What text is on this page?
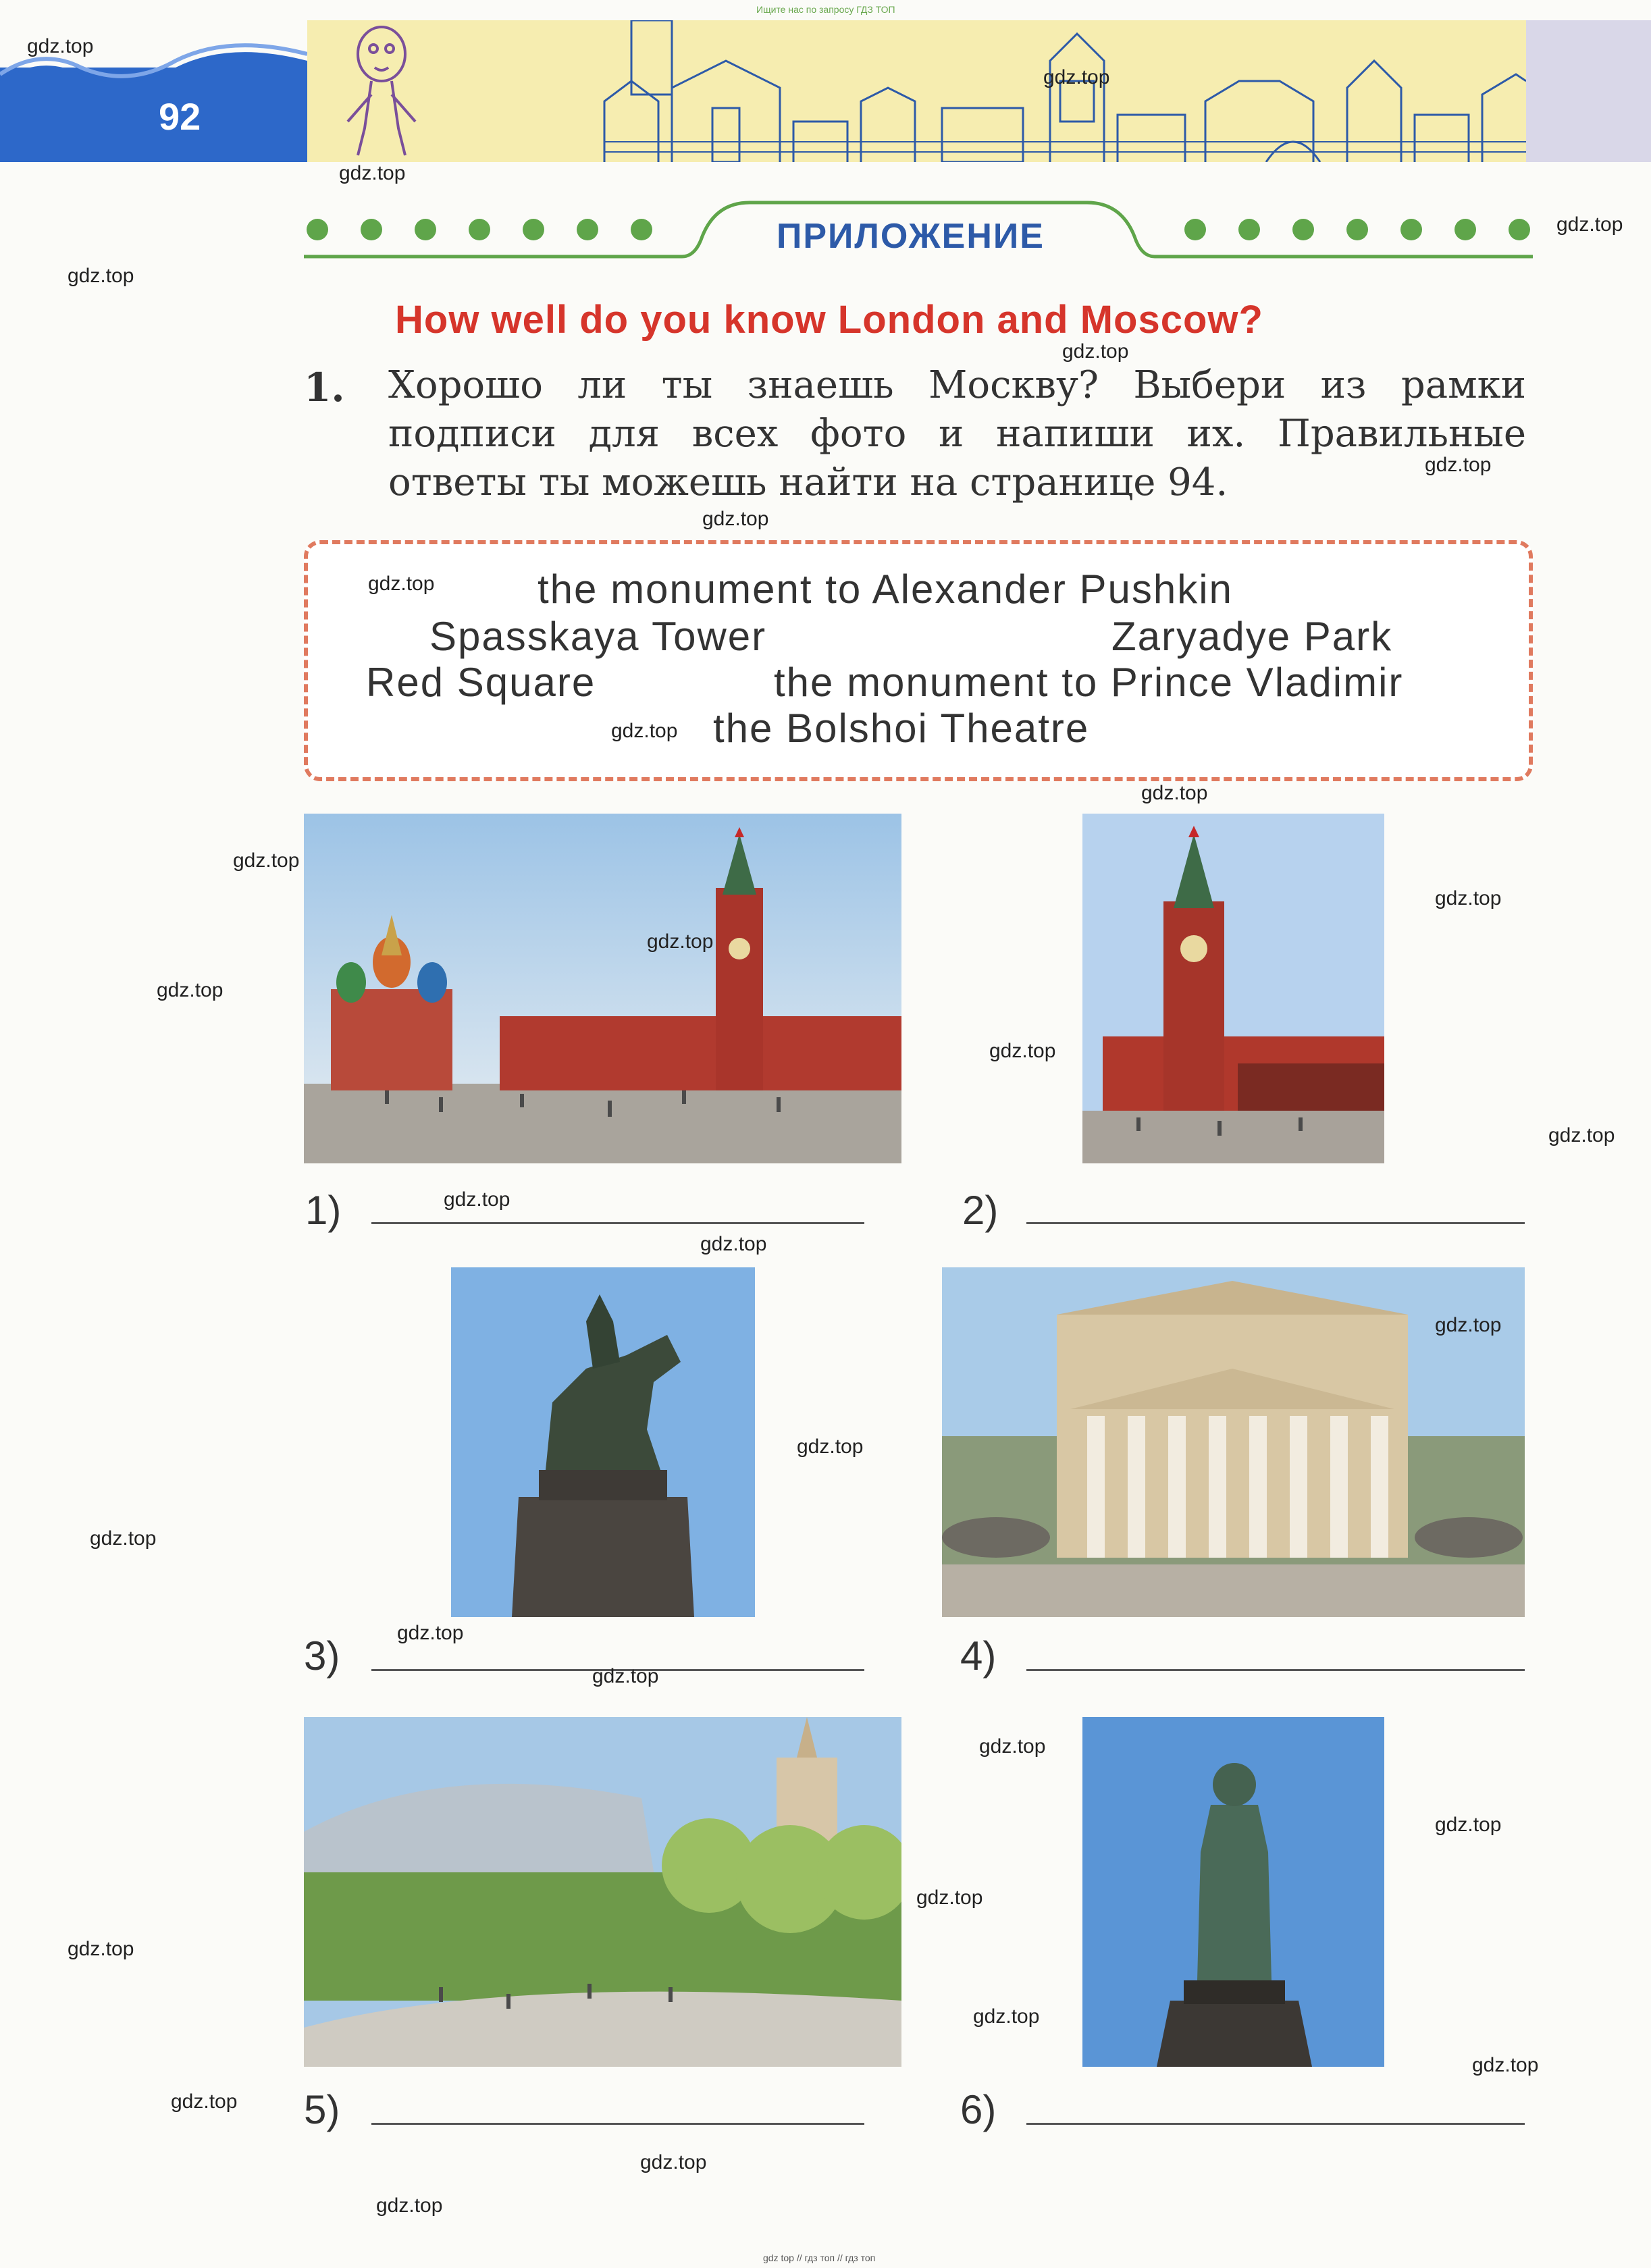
Ищите нас по запросу ГДЗ ТОП
92
ПРИЛОЖЕНИЕ
How well do you know London and Moscow?
1. Хорошо ли ты знаешь Москву? Выбери из рамки подписи для всех фото и напиши их. Правильные ответы ты можешь найти на странице 94.
the monument to Alexander Pushkin
Spasskaya Tower	Zaryadye Park
Red Square	the monument to Prince Vladimir
the Bolshoi Theatre
1)	2)
3)	4)
5)	6)
gdz.top
gdz.top
gdz.top
gdz.top
gdz.top
gdz.top
gdz.top
gdz.top
gdz.top
gdz.top
gdz.top
gdz.top
gdz.top
gdz.top
gdz.top
gdz.top
gdz.top
gdz.top
gdz.top
gdz.top
gdz.top
gdz.top
gdz.top
gdz.top
gdz.top
gdz.top
gdz.top
gdz.top
gdz.top
gdz.top
gdz.top
gdz.top
gdz.top
gdz top // гдз топ // гдз топ
